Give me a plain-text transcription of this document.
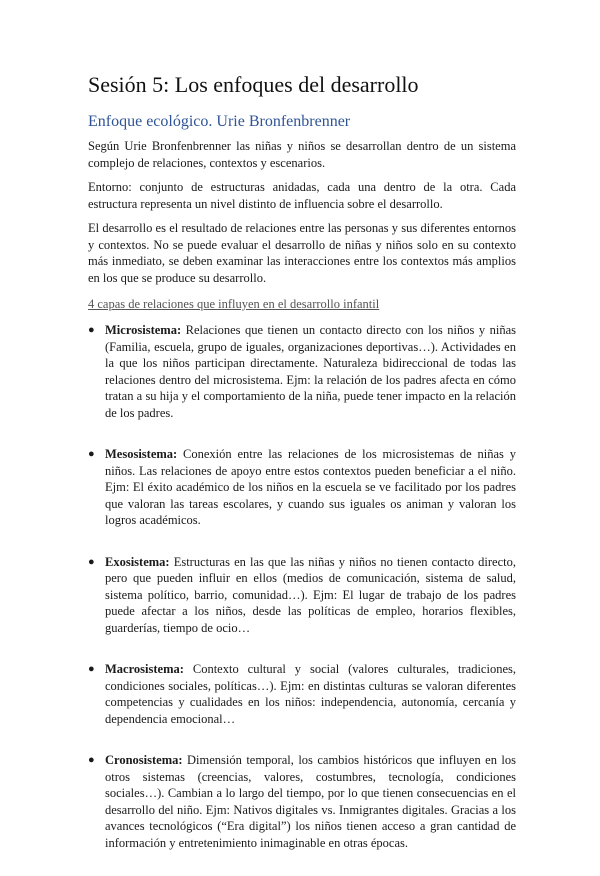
Sesión 5: Los enfoques del desarrollo
Enfoque ecológico. Urie Bronfenbrenner

Según Urie Bronfenbrenner las niñas y niños se desarrollan dentro de un sistema complejo de relaciones, contextos y escenarios.

Entorno: conjunto de estructuras anidadas, cada una dentro de la otra. Cada estructura representa un nivel distinto de influencia sobre el desarrollo.

El desarrollo es el resultado de relaciones entre las personas y sus diferentes entornos y contextos. No se puede evaluar el desarrollo de niñas y niños solo en su contexto más inmediato, se deben examinar las interacciones entre los contextos más amplios en los que se produce su desarrollo.

4 capas de relaciones que influyen en el desarrollo infantil
● Microsistema: Relaciones que tienen un contacto directo con los niños y niñas (Familia, escuela, grupo de iguales, organizaciones deportivas…). Actividades en la que los niños participan directamente. Naturaleza bidireccional de todas las relaciones dentro del microsistema. Ejm: la relación de los padres afecta en cómo tratan a su hija y el comportamiento de la niña, puede tener impacto en la relación de los padres.
● Mesosistema: Conexión entre las relaciones de los microsistemas de niñas y niños. Las relaciones de apoyo entre estos contextos pueden beneficiar a el niño. Ejm: El éxito académico de los niños en la escuela se ve facilitado por los padres que valoran las tareas escolares, y cuando sus iguales os animan y valoran los logros académicos.
● Exosistema: Estructuras en las que las niñas y niños no tienen contacto directo, pero que pueden influir en ellos (medios de comunicación, sistema de salud, sistema político, barrio, comunidad…). Ejm: El lugar de trabajo de los padres puede afectar a los niños, desde las políticas de empleo, horarios flexibles, guarderías, tiempo de ocio…
● Macrosistema: Contexto cultural y social (valores culturales, tradiciones, condiciones sociales, políticas…). Ejm: en distintas culturas se valoran diferentes competencias y cualidades en los niños: independencia, autonomía, cercanía y dependencia emocional…
● Cronosistema: Dimensión temporal, los cambios históricos que influyen en los otros sistemas (creencias, valores, costumbres, tecnología, condiciones sociales…). Cambian a lo largo del tiempo, por lo que tienen consecuencias en el desarrollo del niño. Ejm: Nativos digitales vs. Inmigrantes digitales. Gracias a los avances tecnológicos (“Era digital”) los niños tienen acceso a gran cantidad de información y entretenimiento inimaginable en otras épocas.
